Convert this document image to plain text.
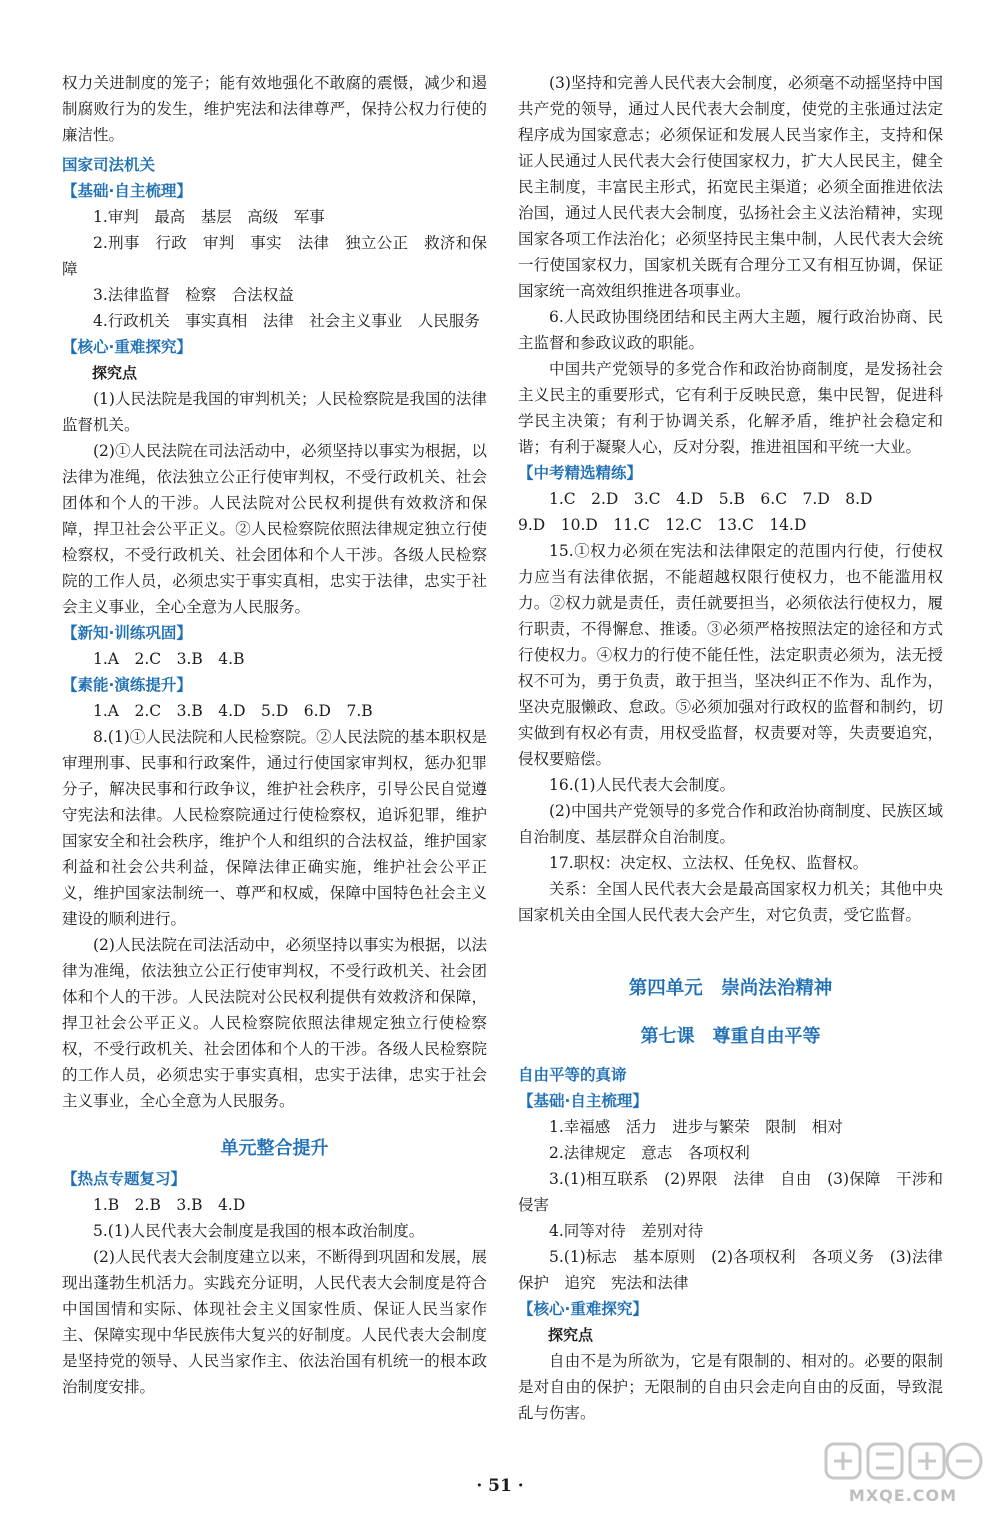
权力关进制度的笼子；能有效地强化不敢腐的震慑，减少和遏制腐败行为的发生，维护宪法和法律尊严，保持公权力行使的廉洁性。

国家司法机关
【基础·自主梳理】

1.审判　最高　基层　高级　军事

2.刑事　行政　审判　事实　法律　独立公正　救济和保障

3.法律监督　检察　合法权益

4.行政机关　事实真相　法律　社会主义事业　人民服务

【核心·重难探究】
探究点

(1)人民法院是我国的审判机关；人民检察院是我国的法律监督机关。

(2)①人民法院在司法活动中，必须坚持以事实为根据，以法律为准绳，依法独立公正行使审判权，不受行政机关、社会团体和个人的干涉。人民法院对公民权利提供有效救济和保障，捍卫社会公平正义。②人民检察院依照法律规定独立行使检察权，不受行政机关、社会团体和个人干涉。各级人民检察院的工作人员，必须忠实于事实真相，忠实于法律，忠实于社会主义事业，全心全意为人民服务。

【新知·训练巩固】

1.A　2.C　3.B　4.B

【素能·演练提升】

1.A　2.C　3.B　4.D　5.D　6.D　7.B

8.(1)①人民法院和人民检察院。②人民法院的基本职权是审理刑事、民事和行政案件，通过行使国家审判权，惩办犯罪分子，解决民事和行政争议，维护社会秩序，引导公民自觉遵守宪法和法律。人民检察院通过行使检察权，追诉犯罪，维护国家安全和社会秩序，维护个人和组织的合法权益，维护国家利益和社会公共利益，保障法律正确实施，维护社会公平正义，维护国家法制统一、尊严和权威，保障中国特色社会主义建设的顺利进行。

(2)人民法院在司法活动中，必须坚持以事实为根据，以法律为准绳，依法独立公正行使审判权，不受行政机关、社会团体和个人的干涉。人民法院对公民权利提供有效救济和保障，捍卫社会公平正义。人民检察院依照法律规定独立行使检察权，不受行政机关、社会团体和个人的干涉。各级人民检察院的工作人员，必须忠实于事实真相，忠实于法律，忠实于社会主义事业，全心全意为人民服务。

单元整合提升
【热点专题复习】

1.B　2.B　3.B　4.D

5.(1)人民代表大会制度是我国的根本政治制度。

(2)人民代表大会制度建立以来，不断得到巩固和发展，展现出蓬勃生机活力。实践充分证明，人民代表大会制度是符合中国国情和实际、体现社会主义国家性质、保证人民当家作主、保障实现中华民族伟大复兴的好制度。人民代表大会制度是坚持党的领导、人民当家作主、依法治国有机统一的根本政治制度安排。

(3)坚持和完善人民代表大会制度，必须毫不动摇坚持中国共产党的领导，通过人民代表大会制度，使党的主张通过法定程序成为国家意志；必须保证和发展人民当家作主，支持和保证人民通过人民代表大会行使国家权力，扩大人民民主，健全民主制度，丰富民主形式，拓宽民主渠道；必须全面推进依法治国，通过人民代表大会制度，弘扬社会主义法治精神，实现国家各项工作法治化；必须坚持民主集中制，人民代表大会统一行使国家权力，国家机关既有合理分工又有相互协调，保证国家统一高效组织推进各项事业。

6.人民政协围绕团结和民主两大主题，履行政治协商、民主监督和参政议政的职能。

中国共产党领导的多党合作和政治协商制度，是发扬社会主义民主的重要形式，它有利于反映民意，集中民智，促进科学民主决策；有利于协调关系，化解矛盾，维护社会稳定和谐；有利于凝聚人心，反对分裂，推进祖国和平统一大业。

【中考精选精练】

1.C　2.D　3.C　4.D　5.B　6.C　7.D　8.D

9.D　10.D　11.C　12.C　13.C　14.D

15.①权力必须在宪法和法律限定的范围内行使，行使权力应当有法律依据，不能超越权限行使权力，也不能滥用权力。②权力就是责任，责任就要担当，必须依法行使权力，履行职责，不得懈怠、推诿。③必须严格按照法定的途径和方式行使权力。④权力的行使不能任性，法定职责必须为，法无授权不可为，勇于负责，敢于担当，坚决纠正不作为、乱作为，坚决克服懒政、怠政。⑤必须加强对行政权的监督和制约，切实做到有权必有责，用权受监督，权责要对等，失责要追究，侵权要赔偿。

16.(1)人民代表大会制度。

(2)中国共产党领导的多党合作和政治协商制度、民族区域自治制度、基层群众自治制度。

17.职权：决定权、立法权、任免权、监督权。

关系：全国人民代表大会是最高国家权力机关；其他中央国家机关由全国人民代表大会产生，对它负责，受它监督。

第四单元　崇尚法治精神
第七课　尊重自由平等
自由平等的真谛
【基础·自主梳理】

1.幸福感　活力　进步与繁荣　限制　相对

2.法律规定　意志　各项权利

3.(1)相互联系　(2)界限　法律　自由　(3)保障　干涉和侵害

4.同等对待　差别对待

5.(1)标志　基本原则　(2)各项权利　各项义务　(3)法律保护　追究　宪法和法律

【核心·重难探究】
探究点

自由不是为所欲为，它是有限制的、相对的。必要的限制是对自由的保护；无限制的自由只会走向自由的反面，导致混乱与伤害。

· 51 ·	MXQE.COM
